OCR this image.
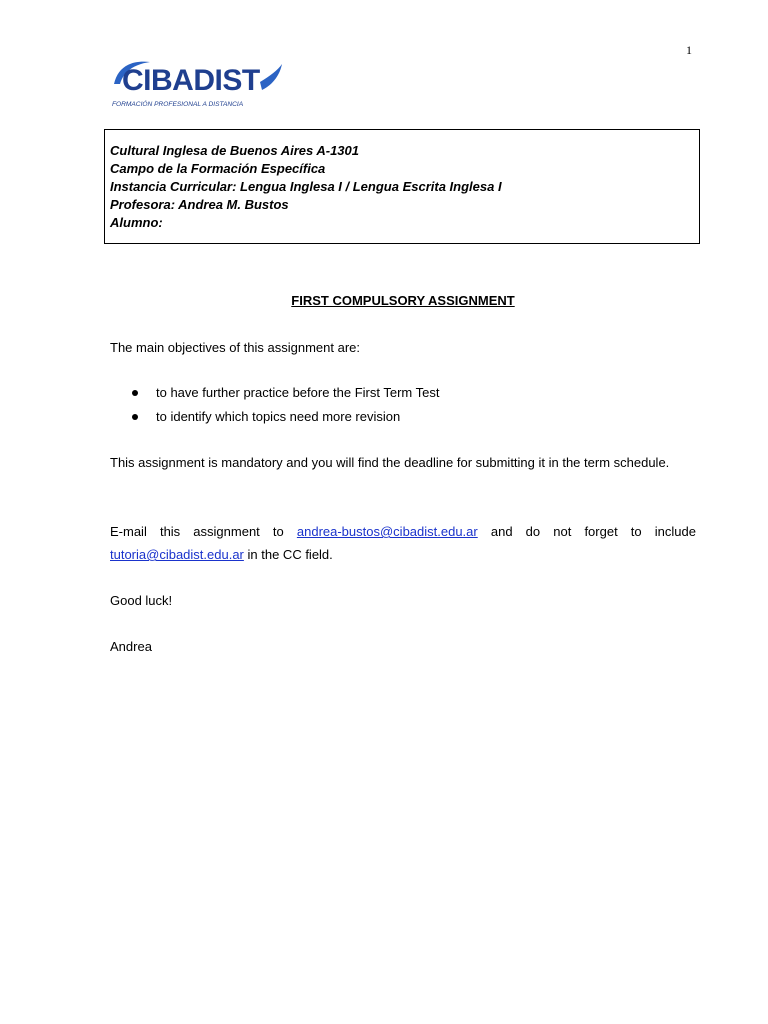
1
CIBADIST
FORMACIÓN PROFESIONAL A DISTANCIA
Cultural Inglesa de Buenos Aires A-1301
Campo de la Formación Específica
Instancia Curricular: Lengua Inglesa I / Lengua Escrita Inglesa I
Profesora: Andrea M. Bustos
Alumno:
FIRST COMPULSORY ASSIGNMENT
The main objectives of this assignment are:
to have further practice before the First Term Test
to identify which topics need more revision
This assignment is mandatory and you will find the deadline for submitting it in the term schedule.
E-mail this assignment to andrea-bustos@cibadist.edu.ar and do not forget to include tutoria@cibadist.edu.ar in the CC field.
Good luck!
Andrea
